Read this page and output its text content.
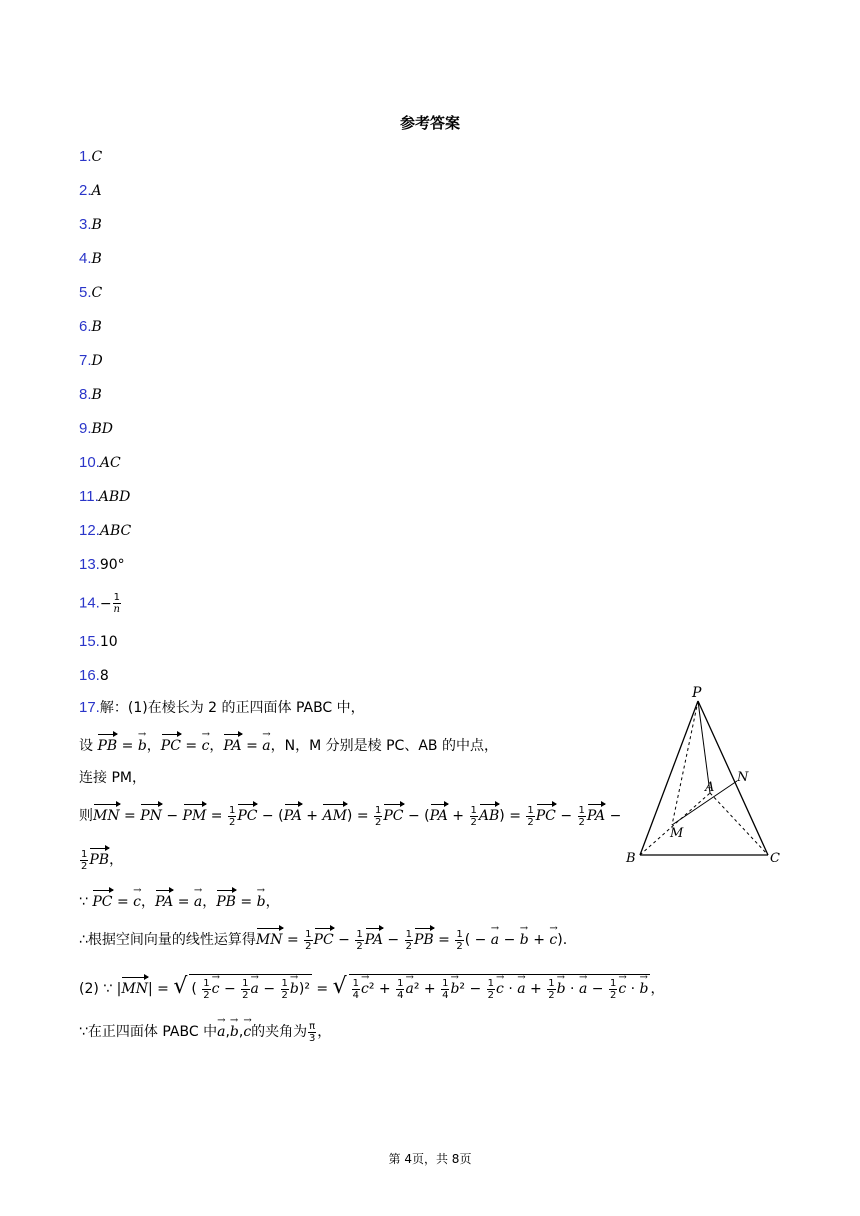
参考答案
1.C
2.A
3.B
4.B
5.C
6.B
7.D
8.B
9.BD
10.AC
11.ABD
12.ABC
13.90°
$14.- \frac{1}{n}$
15.10
16.8
17.解：(1)在棱长为 2 的正四面体 PABC 中，
设 PB = → b，PC = → c，PA = → a，N，M 分别是棱 PC、AB 的中点，
连接 PM，
则MN = PN − PM = $\frac{1}{2}$ PC − $(PA + AM) = \frac{1}{2}$ PC − $(PA + \frac{1}{2} AB) = \frac{1}{2}$ PC − $\frac{1}{2}$ PA −
$\frac{1}{2}$ PB，
∵ PC = → c，PA = → a，PB = → b，
∴根据空间向量的线性运算得MN = $\frac{1}{2}$ PC − $\frac{1}{2}$ PA − $\frac{1}{2}$ PB = $\frac{1}{2}$ ( − → a − → b + → c).
(2) ∵ |MN| = √ ( $\frac{1}{2}$
→ $c - \frac{1}{2}$
→ $a - \frac{1}{2}$
→ b)² = √ $\frac{1}{4}$
→ $c^2 + \frac{1}{4}$
→ $a^2 + \frac{1}{4}$
→ $b^2 - \frac{1}{2}$
→ c · → $a + \frac{1}{2}$
→ b · → $a - \frac{1}{2}$
→ c · → b ，
∵在正四面体 PABC 中→ a,→ b,→ c的夹角为 $\frac{\pi}{3}$ ，
P
A
N
M
B	C
第 4页，共 8页
